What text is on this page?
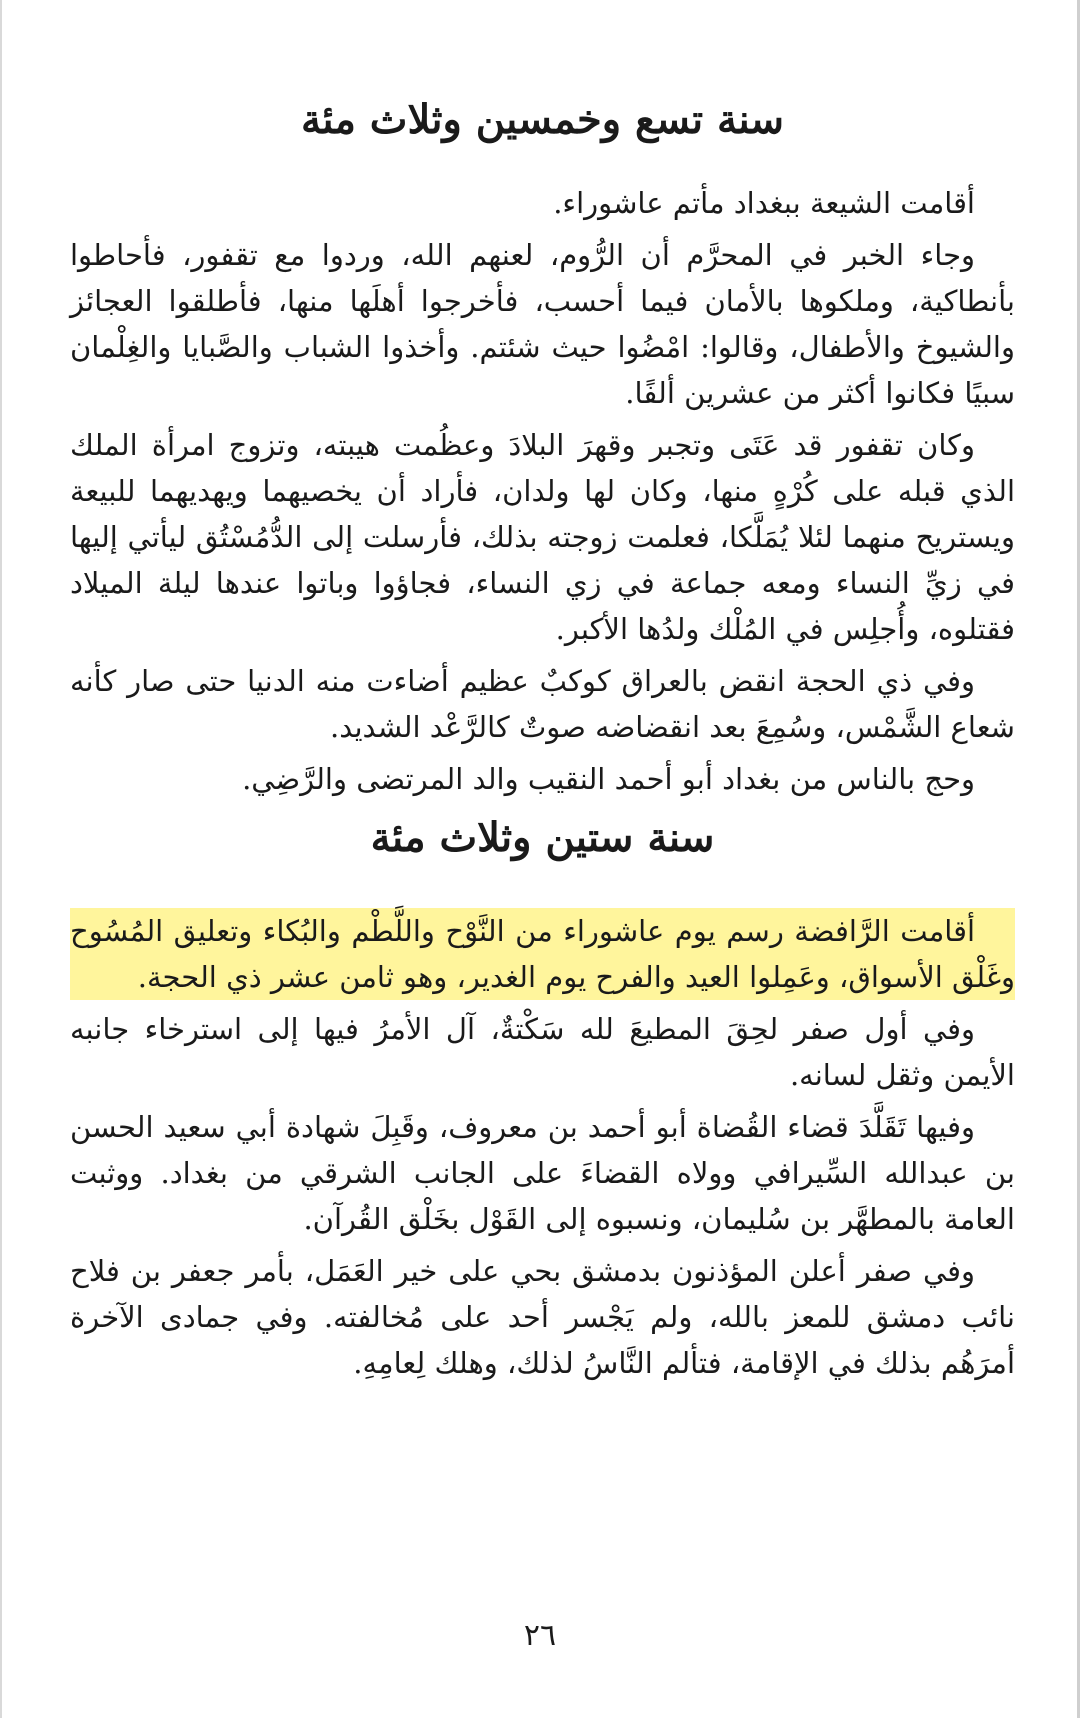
سنة تسع وخمسين وثلاث مئة

أقامت الشيعة ببغداد مأتم عاشوراء.

وجاء الخبر في المحرَّم أن الرُّوم، لعنهم الله، وردوا مع تقفور، فأحاطوا بأنطاكية، وملكوها بالأمان فيما أحسب، فأخرجوا أهلَها منها، فأطلقوا العجائز والشيوخ والأطفال، وقالوا: امْضُوا حيث شئتم. وأخذوا الشباب والصَّبايا والغِلْمان سبيًا فكانوا أكثر من عشرين ألفًا.

وكان تقفور قد عَتَى وتجبر وقهرَ البلادَ وعظُمت هيبته، وتزوج امرأة الملك الذي قبله على كُرْهٍ منها، وكان لها ولدان، فأراد أن يخصيهما ويهديهما للبيعة ويستريح منهما لئلا يُمَلَّكا، فعلمت زوجته بذلك، فأرسلت إلى الدُّمُسْتُق ليأتي إليها في زيِّ النساء ومعه جماعة في زي النساء، فجاؤوا وباتوا عندها ليلة الميلاد فقتلوه، وأُجلِس في المُلْك ولدُها الأكبر.

وفي ذي الحجة انقض بالعراق كوكبٌ عظيم أضاءت منه الدنيا حتى صار كأنه شعاع الشَّمْس، وسُمِعَ بعد انقضاضه صوتٌ كالرَّعْد الشديد.

وحج بالناس من بغداد أبو أحمد النقيب والد المرتضى والرَّضِي.

سنة ستين وثلاث مئة

أقامت الرَّافضة رسم يوم عاشوراء من النَّوْح واللَّطْم والبُكاء وتعليق المُسُوح وغَلْق الأسواق، وعَمِلوا العيد والفرح يوم الغدير، وهو ثامن عشر ذي الحجة.

وفي أول صفر لحِقَ المطيعَ لله سَكْتةٌ، آل الأمرُ فيها إلى استرخاء جانبه الأيمن وثقل لسانه.

وفيها تَقَلَّدَ قضاء القُضاة أبو أحمد بن معروف، وقَبِلَ شهادة أبي سعيد الحسن بن عبدالله السِّيرافي وولاه القضاءَ على الجانب الشرقي من بغداد. ووثبت العامة بالمطهَّر بن سُليمان، ونسبوه إلى القَوْل بخَلْق القُرآن.

وفي صفر أعلن المؤذنون بدمشق بحي على خير العَمَل، بأمر جعفر بن فلاح نائب دمشق للمعز بالله، ولم يَجْسر أحد على مُخالفته. وفي جمادى الآخرة أمرَهُم بذلك في الإقامة، فتألم النَّاسُ لذلك، وهلك لِعامِهِ.

٢٦
